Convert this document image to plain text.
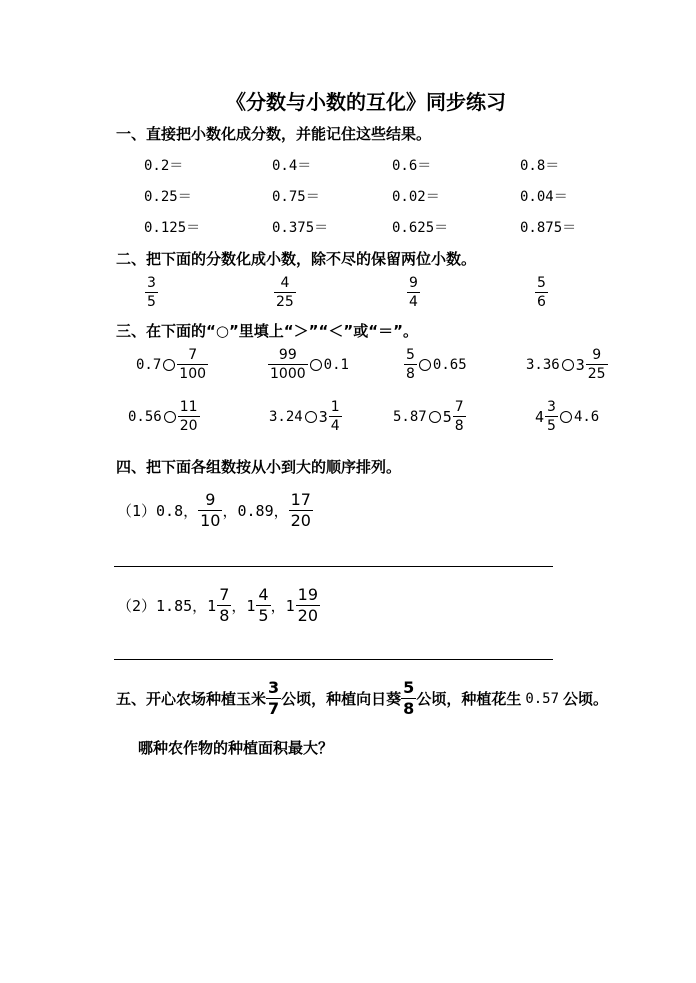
《分数与小数的互化》同步练习
一、直接把小数化成分数，并能记住这些结果。
0.2＝	0.4＝	0.6＝	0.8＝
0.25＝	0.75＝	0.02＝	0.04＝
0.125＝	0.375＝	0.625＝	0.875＝
二、把下面的分数化成小数，除不尽的保留两位小数。
$\frac{3}{5}$	$\frac{4}{25}$	$\frac{9}{4}$	$\frac{5}{6}$
三、在下面的“○”里填上“＞”“＜”或“＝”。
$0.7 \frac{7}{100}$	$\frac{99}{1000} 0.1$	$\frac{5}{8} 0.65$	3.36 $3 \frac{9}{25}$
$0.56 \frac{11}{20}$	3.24 $3 \frac{1}{4}$	5.87 $5 \frac{7}{8}$	$4 \frac{3}{5} 4.6$
四、把下面各组数按从小到大的顺序排列。
（1） 0.8， $\frac{9}{10}$ ， 0.89， $\frac{17}{20}$
（2） 1.85， $1 \frac{7}{8}$ ， $1 \frac{4}{5}$ ， $1 \frac{19}{20}$
五、开心农场种植玉米 $\frac{3}{7}$ 公顷，种植向日葵 $\frac{5}{8}$ 公顷，种植花生 0.57 公顷。
哪种农作物的种植面积最大？
